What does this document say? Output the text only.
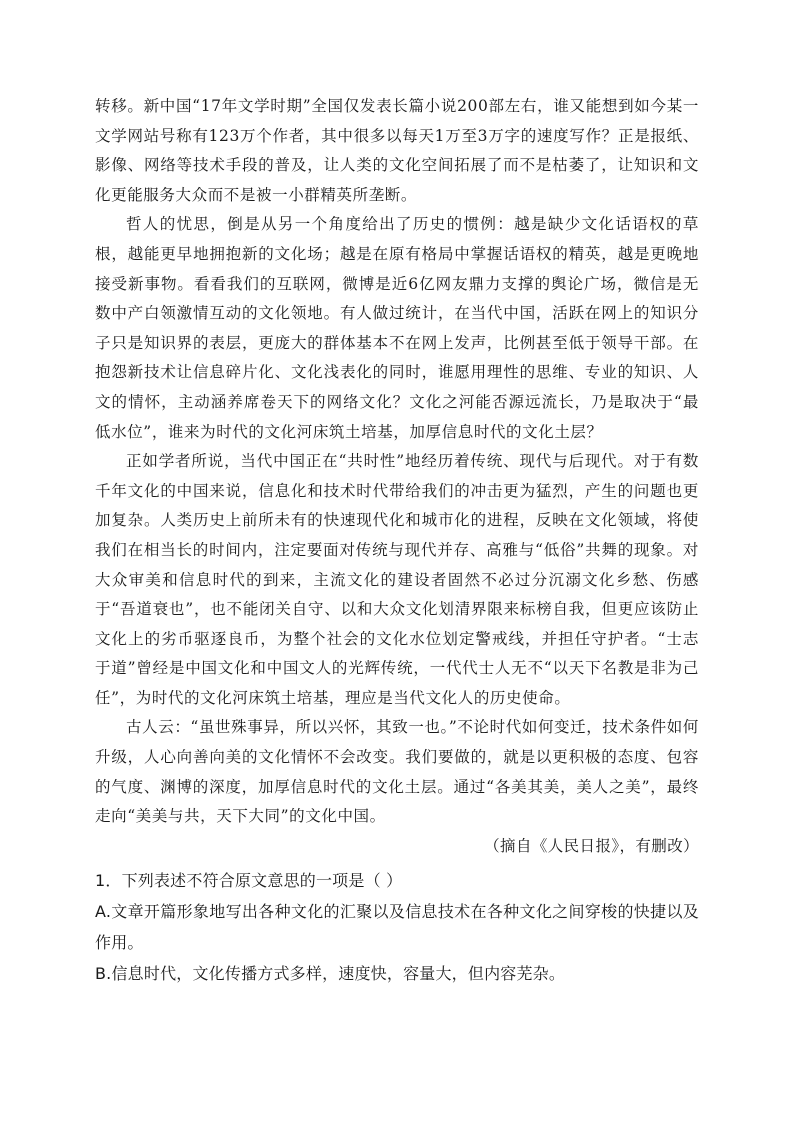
转移。新中国“17年文学时期”全国仅发表长篇小说200部左右，谁又能想到如今某一文学网站号称有123万个作者，其中很多以每天1万至3万字的速度写作？正是报纸、影像、网络等技术手段的普及，让人类的文化空间拓展了而不是枯萎了，让知识和文化更能服务大众而不是被一小群精英所垄断。

哲人的忧思，倒是从另一个角度给出了历史的惯例：越是缺少文化话语权的草根，越能更早地拥抱新的文化场；越是在原有格局中掌握话语权的精英，越是更晚地接受新事物。看看我们的互联网，微博是近6亿网友鼎力支撑的舆论广场，微信是无数中产白领激情互动的文化领地。有人做过统计，在当代中国，活跃在网上的知识分子只是知识界的表层，更庞大的群体基本不在网上发声，比例甚至低于领导干部。在抱怨新技术让信息碎片化、文化浅表化的同时，谁愿用理性的思维、专业的知识、人文的情怀，主动涵养席卷天下的网络文化？文化之河能否源远流长，乃是取决于“最低水位”，谁来为时代的文化河床筑土培基，加厚信息时代的文化土层？

正如学者所说，当代中国正在“共时性”地经历着传统、现代与后现代。对于有数千年文化的中国来说，信息化和技术时代带给我们的冲击更为猛烈，产生的问题也更加复杂。人类历史上前所未有的快速现代化和城市化的进程，反映在文化领域，将使我们在相当长的时间内，注定要面对传统与现代并存、高雅与“低俗”共舞的现象。对大众审美和信息时代的到来，主流文化的建设者固然不必过分沉溺文化乡愁、伤感于“吾道衰也”，也不能闭关自守、以和大众文化划清界限来标榜自我，但更应该防止文化上的劣币驱逐良币，为整个社会的文化水位划定警戒线，并担任守护者。“士志于道”曾经是中国文化和中国文人的光辉传统，一代代士人无不“以天下名教是非为己任”，为时代的文化河床筑土培基，理应是当代文化人的历史使命。

古人云：“虽世殊事异，所以兴怀，其致一也。”不论时代如何变迁，技术条件如何升级，人心向善向美的文化情怀不会改变。我们要做的，就是以更积极的态度、包容的气度、渊博的深度，加厚信息时代的文化土层。通过“各美其美，美人之美”，最终走向“美美与共，天下大同”的文化中国。

（摘自《人民日报》，有删改）

1．下列表述不符合原文意思的一项是（ ）

A.文章开篇形象地写出各种文化的汇聚以及信息技术在各种文化之间穿梭的快捷以及作用。

B.信息时代，文化传播方式多样，速度快，容量大，但内容芜杂。
